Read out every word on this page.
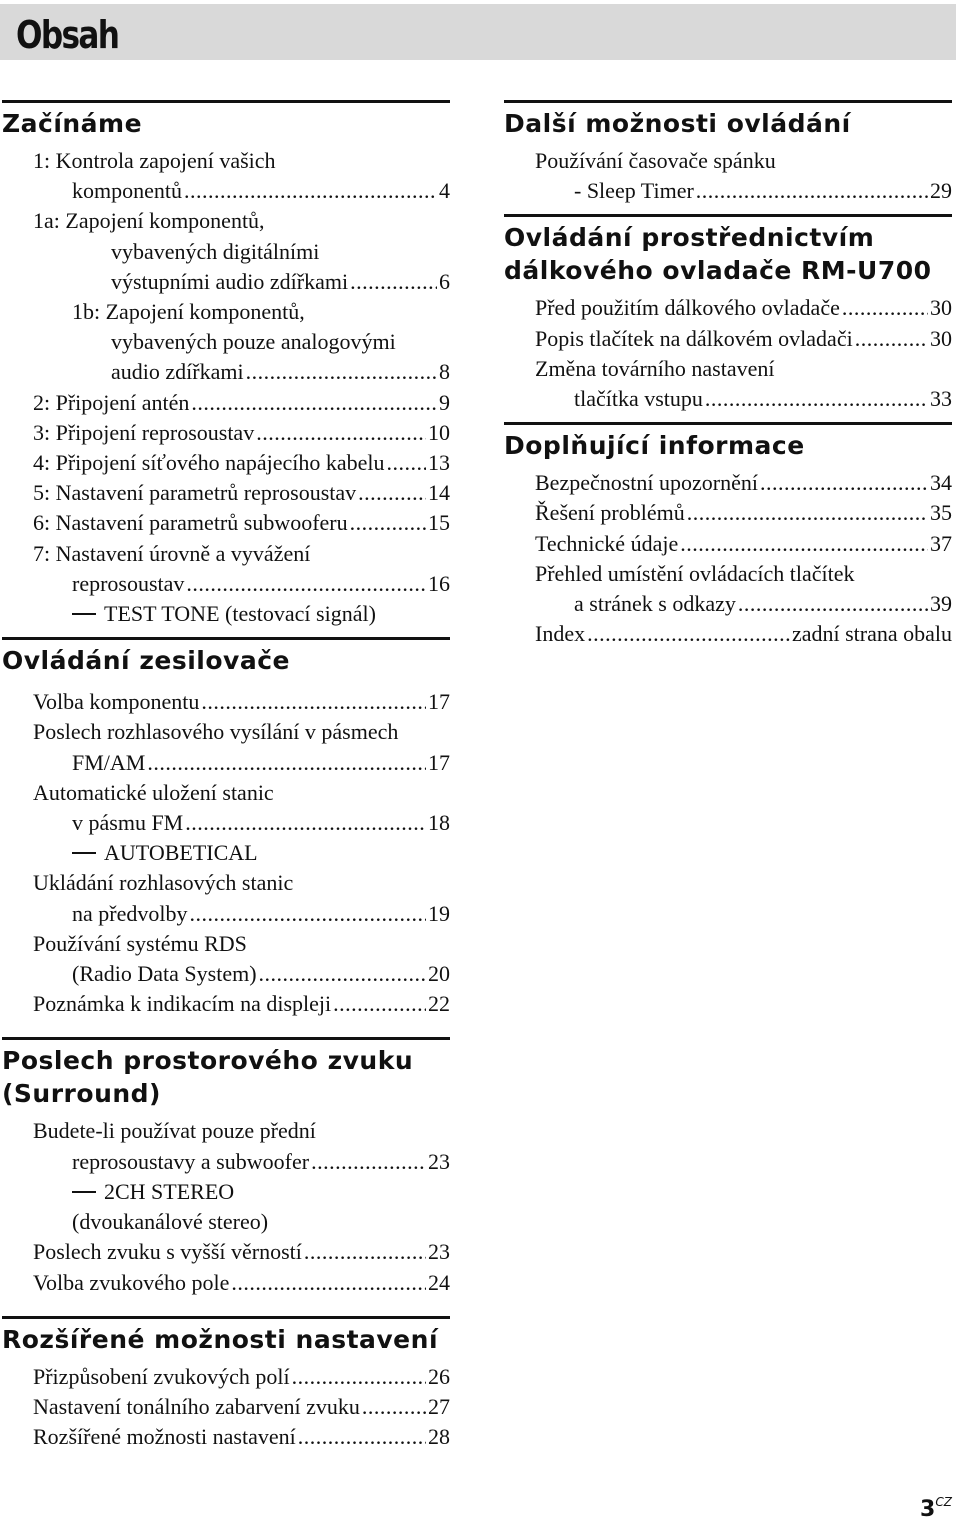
Obsah
Začínáme
1: Kontrola zapojení vašich
komponentů .....	4
1a: Zapojení komponentů,
vybavených digitálními
výstupními audio zdířkami .....	6
1b: Zapojení komponentů,
vybavených pouze analogovými
audio zdířkami .....	8
2: Připojení antén .....	9
3: Připojení reprosoustav .....	10
4: Připojení síťového napájecího kabelu ..... 13
5: Nastavení parametrů reprosoustav .....	14
6: Nastavení parametrů subwooferu .....	15
7: Nastavení úrovně a vyvážení
reprosoustav .....	16
TEST TONE (testovací signál)
Ovládání zesilovače
Volba komponentu .....	17
Poslech rozhlasového vysílání v pásmech
FM/AM .....	17
Automatické uložení stanic
v pásmu FM .....	18
AUTOBETICAL
Ukládání rozhlasových stanic
na předvolby .....	19
Používání systému RDS
(Radio Data System) .....	20
Poznámka k indikacím na displeji .....	22
Poslech prostorového zvuku
(Surround)
Budete-li používat pouze přední
reprosoustavy a subwoofer .....	23
2CH STEREO
(dvoukanálové stereo)
Poslech zvuku s vyšší věrností .....	23
Volba zvukového pole .....	24
Rozšířené možnosti nastavení
Přizpůsobení zvukových polí .....	26
Nastavení tonálního zabarvení zvuku .....	27
Rozšířené možnosti nastavení .....	28
Další možnosti ovládání
Používání časovače spánku
- Sleep Timer .....	29
Ovládání prostřednictvím
dálkového ovladače RM-U700
Před použitím dálkového ovladače .....	30
Popis tlačítek na dálkovém ovladači .....	30
Změna továrního nastavení
tlačítka vstupu .....	33
Doplňující informace
Bezpečnostní upozornění .....	34
Řešení problémů .....	35
Technické údaje .....	37
Přehled umístění ovládacích tlačítek
a stránek s odkazy .....	39
Index .....	zadní strana obalu
$3^{CZ}$
